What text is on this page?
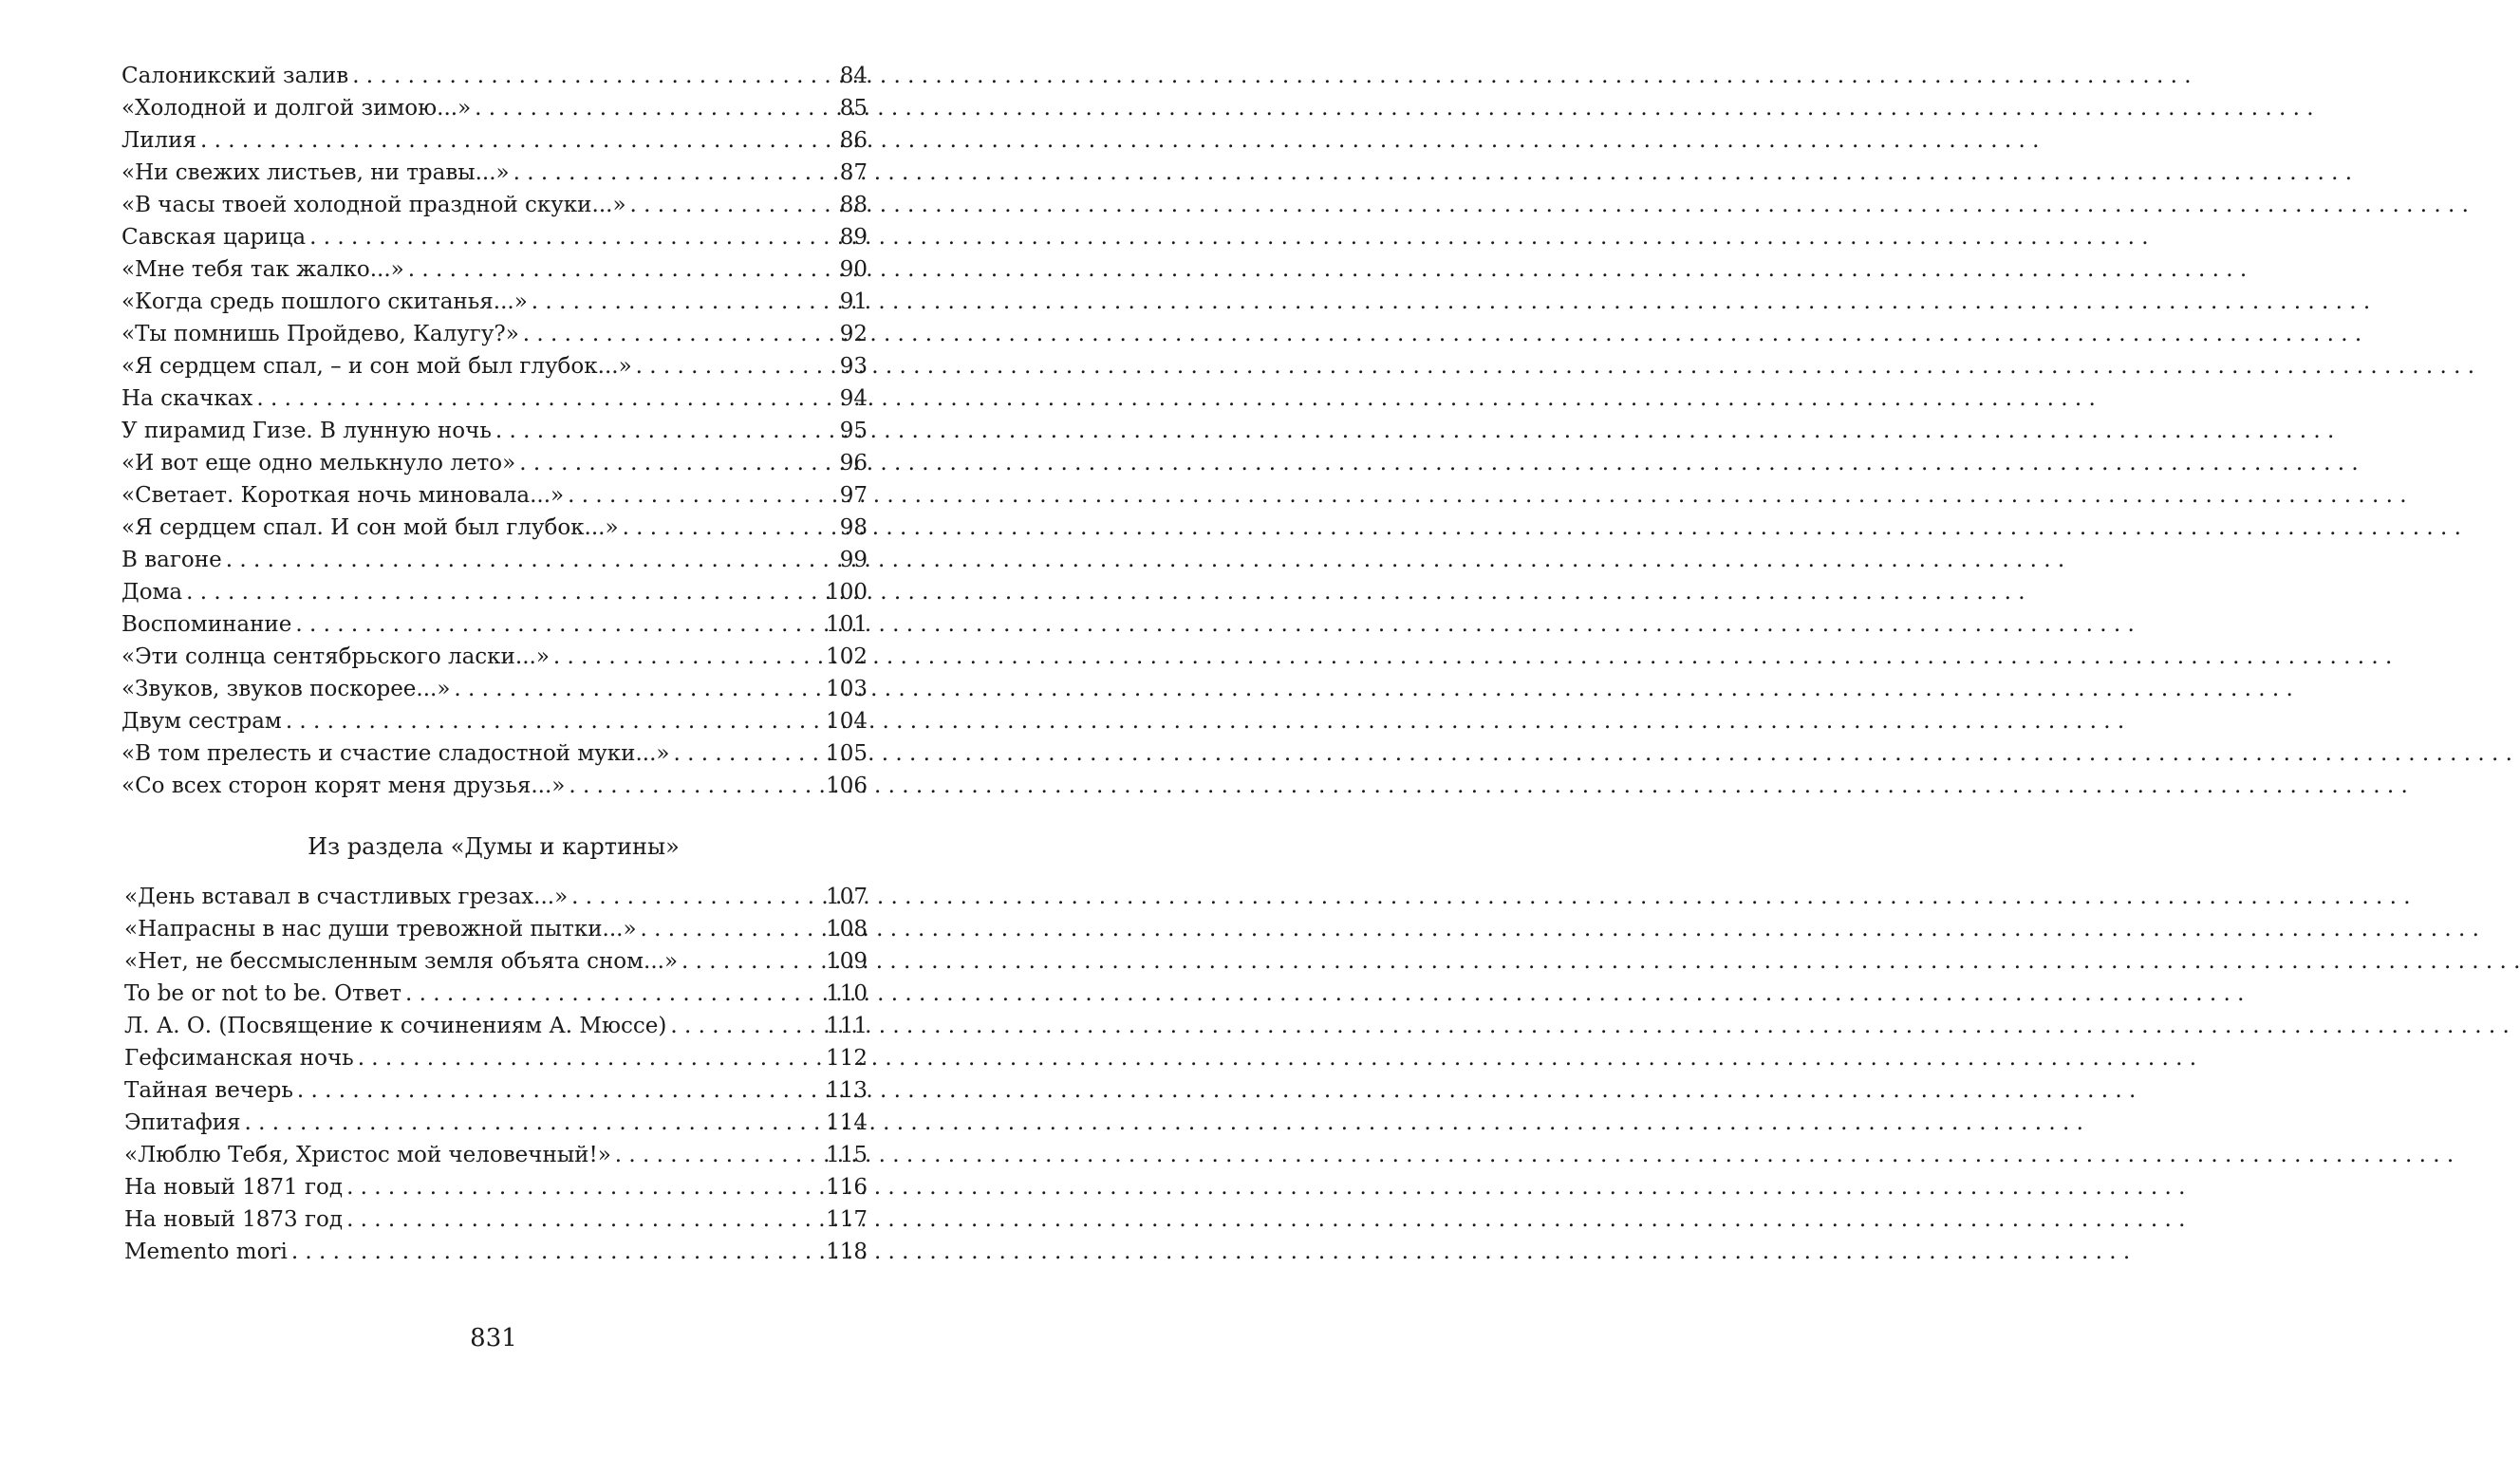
Салоникский залив . . .	84
«Холодной и долгой зимою...» . . .	85
Лилия . . .	86
«Ни свежих листьев, ни травы...» . . .	87
«В часы твоей холодной праздной скуки...» . . .	88
Савская царица . . .	89
«Мне тебя так жалко...» . . .	90
«Когда средь пошлого скитанья...» . . .	91
«Ты помнишь Пройдево, Калугу?» . . .	92
«Я сердцем спал, – и сон мой был глубок...» . . .	93
На скачках . . .	94
У пирамид Гизе. В лунную ночь . . .	95
«И вот еще одно мелькнуло лето» . . .	96
«Светает. Короткая ночь миновала...» . . .	97
«Я сердцем спал. И сон мой был глубок...» . . .	98
В вагоне . . .	99
Дома . . .	100
Воспоминание . . .	101
«Эти солнца сентябрьского ласки...» . . .	102
«Звуков, звуков поскорее...» . . .	103
Двум сестрам . . .	104
«В том прелесть и счастие сладостной муки...» . . .	105
«Со всех сторон корят меня друзья...» . . .	106
Из раздела «Думы и картины»
«День вставал в счастливых грезах...» . . .	107
«Напрасны в нас души тревожной пытки...» . . .	108
«Нет, не бессмысленным земля объята сном...» . . .	109
To be or not to be. Ответ . . .	110
Л. А. О. (Посвящение к сочинениям А. Мюссе) . . .	111
Гефсиманская ночь . . .	112
Тайная вечерь . . .	113
Эпитафия . . .	114
«Люблю Тебя, Христос мой человечный!» . . .	115
На новый 1871 год . . .	116
На новый 1873 год . . .	117
Memento mori . . .	118
831
